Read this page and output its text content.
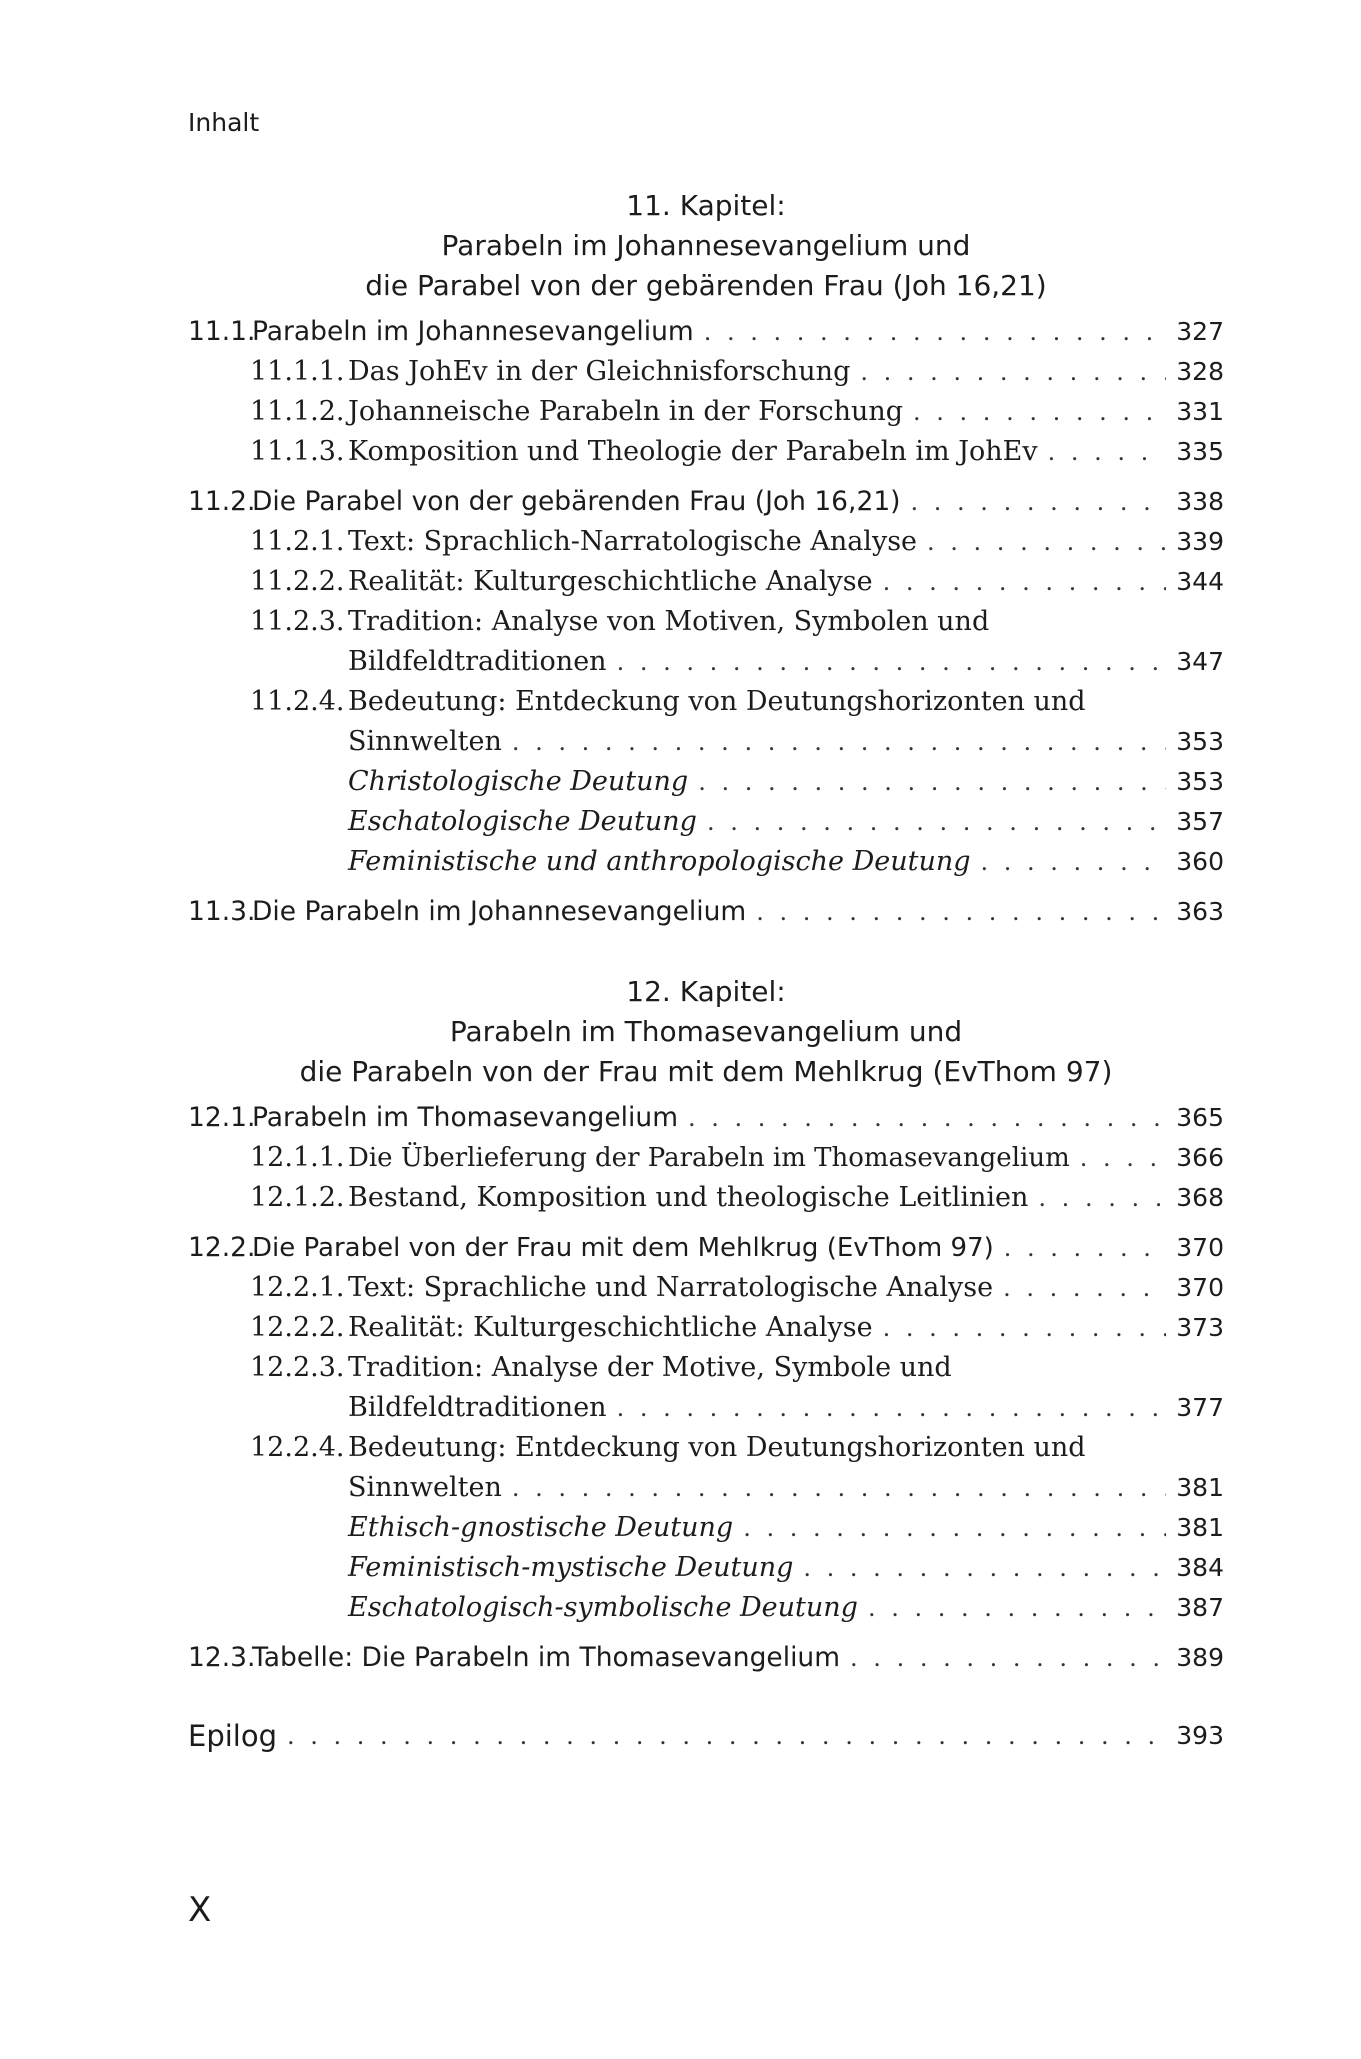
Inhalt
11. Kapitel:
Parabeln im Johannesevangelium und
die Parabel von der gebärenden Frau (Joh 16,21)
11.1.
Parabeln im Johannesevangelium . . .	327
11.1.1. Das JohEv in der Gleichnisforschung . . .	328
11.1.2. Johanneische Parabeln in der Forschung . . .	331
11.1.3. Komposition und Theologie der Parabeln im JohEv . . .	335
11.2.
Die Parabel von der gebärenden Frau (Joh 16,21) . . .	338
11.2.1. Text: Sprachlich-Narratologische Analyse . . .	339
11.2.2. Realität: Kulturgeschichtliche Analyse . . .	344
11.2.3. Tradition: Analyse von Motiven, Symbolen und
Bildfeldtraditionen . . .	347
11.2.4. Bedeutung: Entdeckung von Deutungshorizonten und
Sinnwelten . . .	353
Christologische Deutung . . .	353
Eschatologische Deutung . . .	357
Feministische und anthropologische Deutung . . .	360
11.3.
Die Parabeln im Johannesevangelium . . .	363
12. Kapitel:
Parabeln im Thomasevangelium und
die Parabeln von der Frau mit dem Mehlkrug (EvThom 97)
12.1.
Parabeln im Thomasevangelium . . .	365
12.1.1. Die Überlieferung der Parabeln im Thomasevangelium . . .	366
12.1.2. Bestand, Komposition und theologische Leitlinien . . .	368
12.2.
Die Parabel von der Frau mit dem Mehlkrug (EvThom 97) . . .	370
12.2.1. Text: Sprachliche und Narratologische Analyse . . .	370
12.2.2. Realität: Kulturgeschichtliche Analyse . . .	373
12.2.3. Tradition: Analyse der Motive, Symbole und
Bildfeldtraditionen . . .	377
12.2.4. Bedeutung: Entdeckung von Deutungshorizonten und
Sinnwelten . . .	381
Ethisch-gnostische Deutung . . .	381
Feministisch-mystische Deutung . . .	384
Eschatologisch-symbolische Deutung . . .	387
12.3.
Tabelle: Die Parabeln im Thomasevangelium . . .	389
Epilog . . .	393
X
